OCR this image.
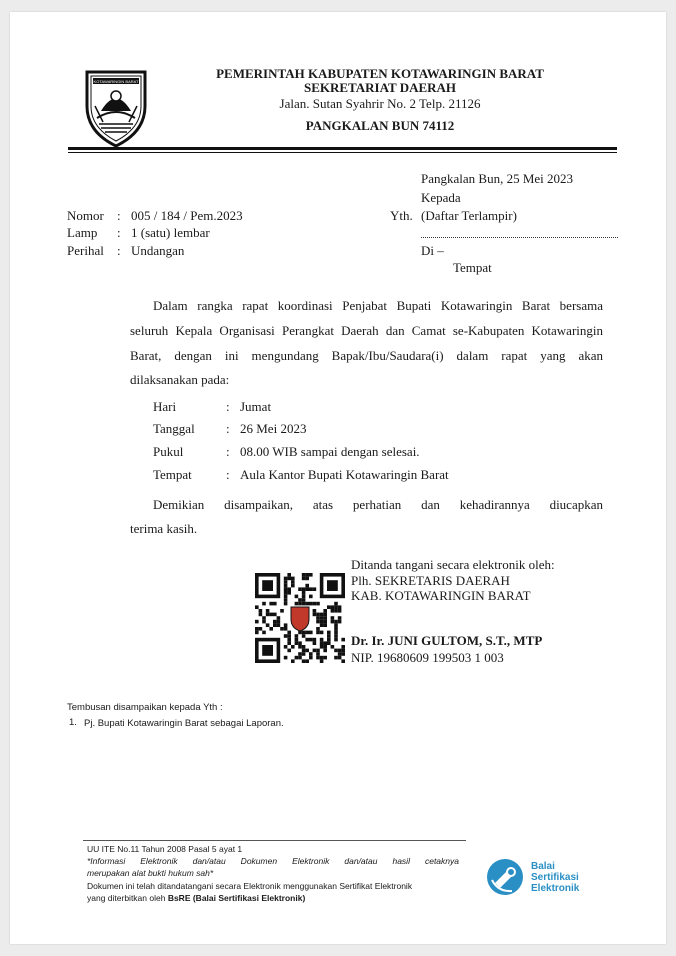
KOTAWARINGIN BARAT
PEMERINTAH KABUPATEN KOTAWARINGIN BARAT
SEKRETARIAT DAERAH
Jalan. Sutan Syahrir No. 2 Telp. 21126
PANGKALAN BUN 74112
Pangkalan Bun, 25 Mei 2023
Kepada
Yth. (Daftar Terlampir)
Di –
Tempat
Nomor : 005 / 184 / Pem.2023
Lamp : 1 (satu) lembar
Perihal : Undangan
Dalam rangka rapat koordinasi Penjabat Bupati Kotawaringin Barat bersama
seluruh Kepala Organisasi Perangkat Daerah dan Camat se-Kabupaten Kotawaringin
Barat, dengan ini mengundang Bapak/Ibu/Saudara(i) dalam rapat yang akan
dilaksanakan pada:
Hari	: Jumat
Tanggal : 26 Mei 2023
Pukul	: 08.00 WIB sampai dengan selesai.
Tempat	: Aula Kantor Bupati Kotawaringin Barat
Demikian disampaikan, atas perhatian dan kehadirannya diucapkan
terima kasih.
Ditanda tangani secara elektronik oleh:
Plh. SEKRETARIS DAERAH
KAB. KOTAWARINGIN BARAT
Dr. Ir. JUNI GULTOM, S.T., MTP
NIP. 19680609 199503 1 003
Tembusan disampaikan kepada Yth :
1. Pj. Bupati Kotawaringin Barat sebagai Laporan.
UU ITE No.11 Tahun 2008 Pasal 5 ayat 1
*Informasi Elektronik dan/atau Dokumen Elektronik dan/atau hasil cetaknya
merupakan alat bukti hukum sah*
Dokumen ini telah ditandatangani secara Elektronik menggunakan Sertifikat Elektronik
yang diterbitkan oleh BsRE (Balai Sertifikasi Elektronik)
Balai
Sertifikasi
Elektronik
